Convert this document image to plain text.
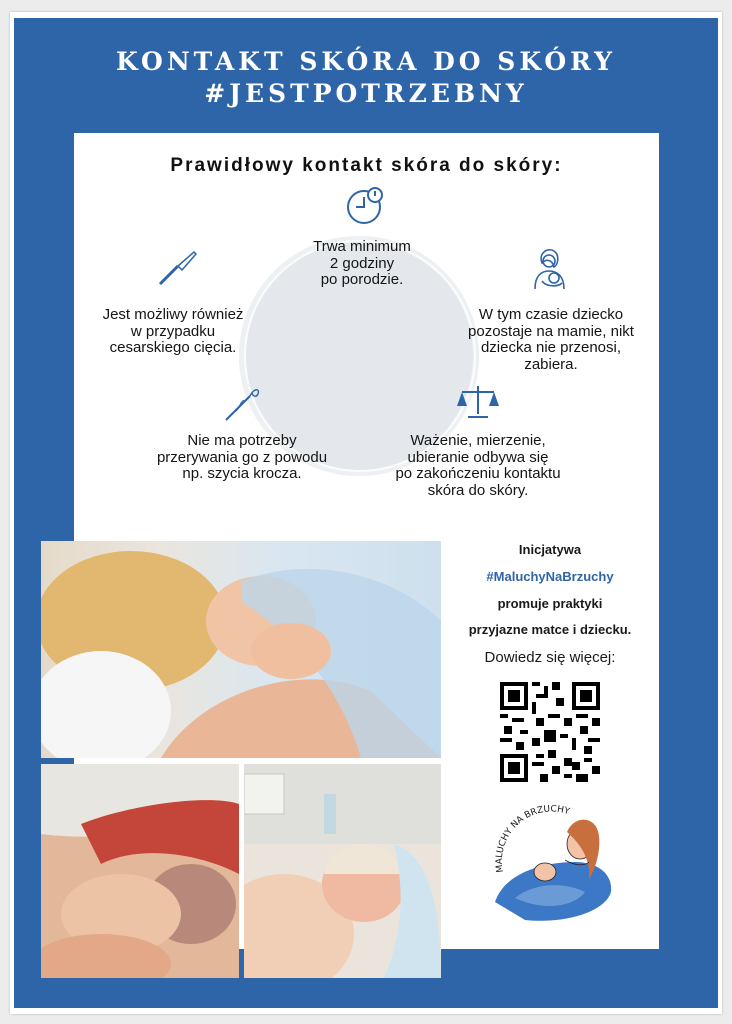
KONTAKT SKÓRA DO SKÓRY
#JESTPOTRZEBNY
Prawidłowy kontakt skóra do skóry:
Trwa minimum
2 godziny
po porodzie.
W tym czasie dziecko
pozostaje na mamie, nikt
dziecka nie przenosi,
zabiera.
Ważenie, mierzenie,
ubieranie odbywa się
po zakończeniu kontaktu
skóra do skóry.
Nie ma potrzeby
przerywania go z powodu
np. szycia krocza.
Jest możliwy również
w przypadku
cesarskiego cięcia.
Inicjatywa
#MaluchyNaBrzuchy
promuje praktyki
przyjazne matce i dziecku.
Dowiedz się więcej:
MALUCHY NA BRZUCHY
